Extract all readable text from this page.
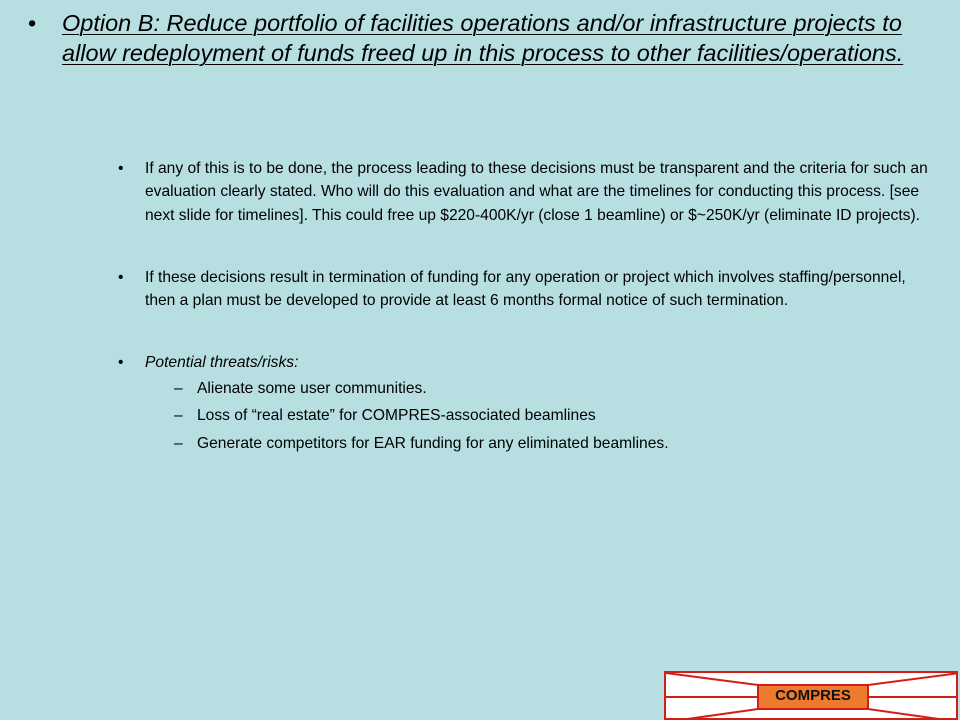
•	Option B: Reduce portfolio of facilities operations and/or infrastructure projects to allow redeployment of funds freed up in this process to other facilities/operations.
•	If any of this is to be done, the process leading to these decisions must be transparent and the criteria for such an evaluation clearly stated. Who will do this evaluation and what are the timelines for conducting this process. [see next slide for timelines]. This could free up $220-400K/yr (close 1 beamline) or $~250K/yr (eliminate ID projects).
•	If these decisions result in termination of funding for any operation or project which involves staffing/personnel, then a plan must be developed to provide at least 6 months formal notice of such termination.
•	Potential threats/risks:
– Alienate some user communities.
– Loss of “real estate” for COMPRES-associated beamlines
– Generate competitors for EAR funding for any eliminated beamlines.
COMPRES
